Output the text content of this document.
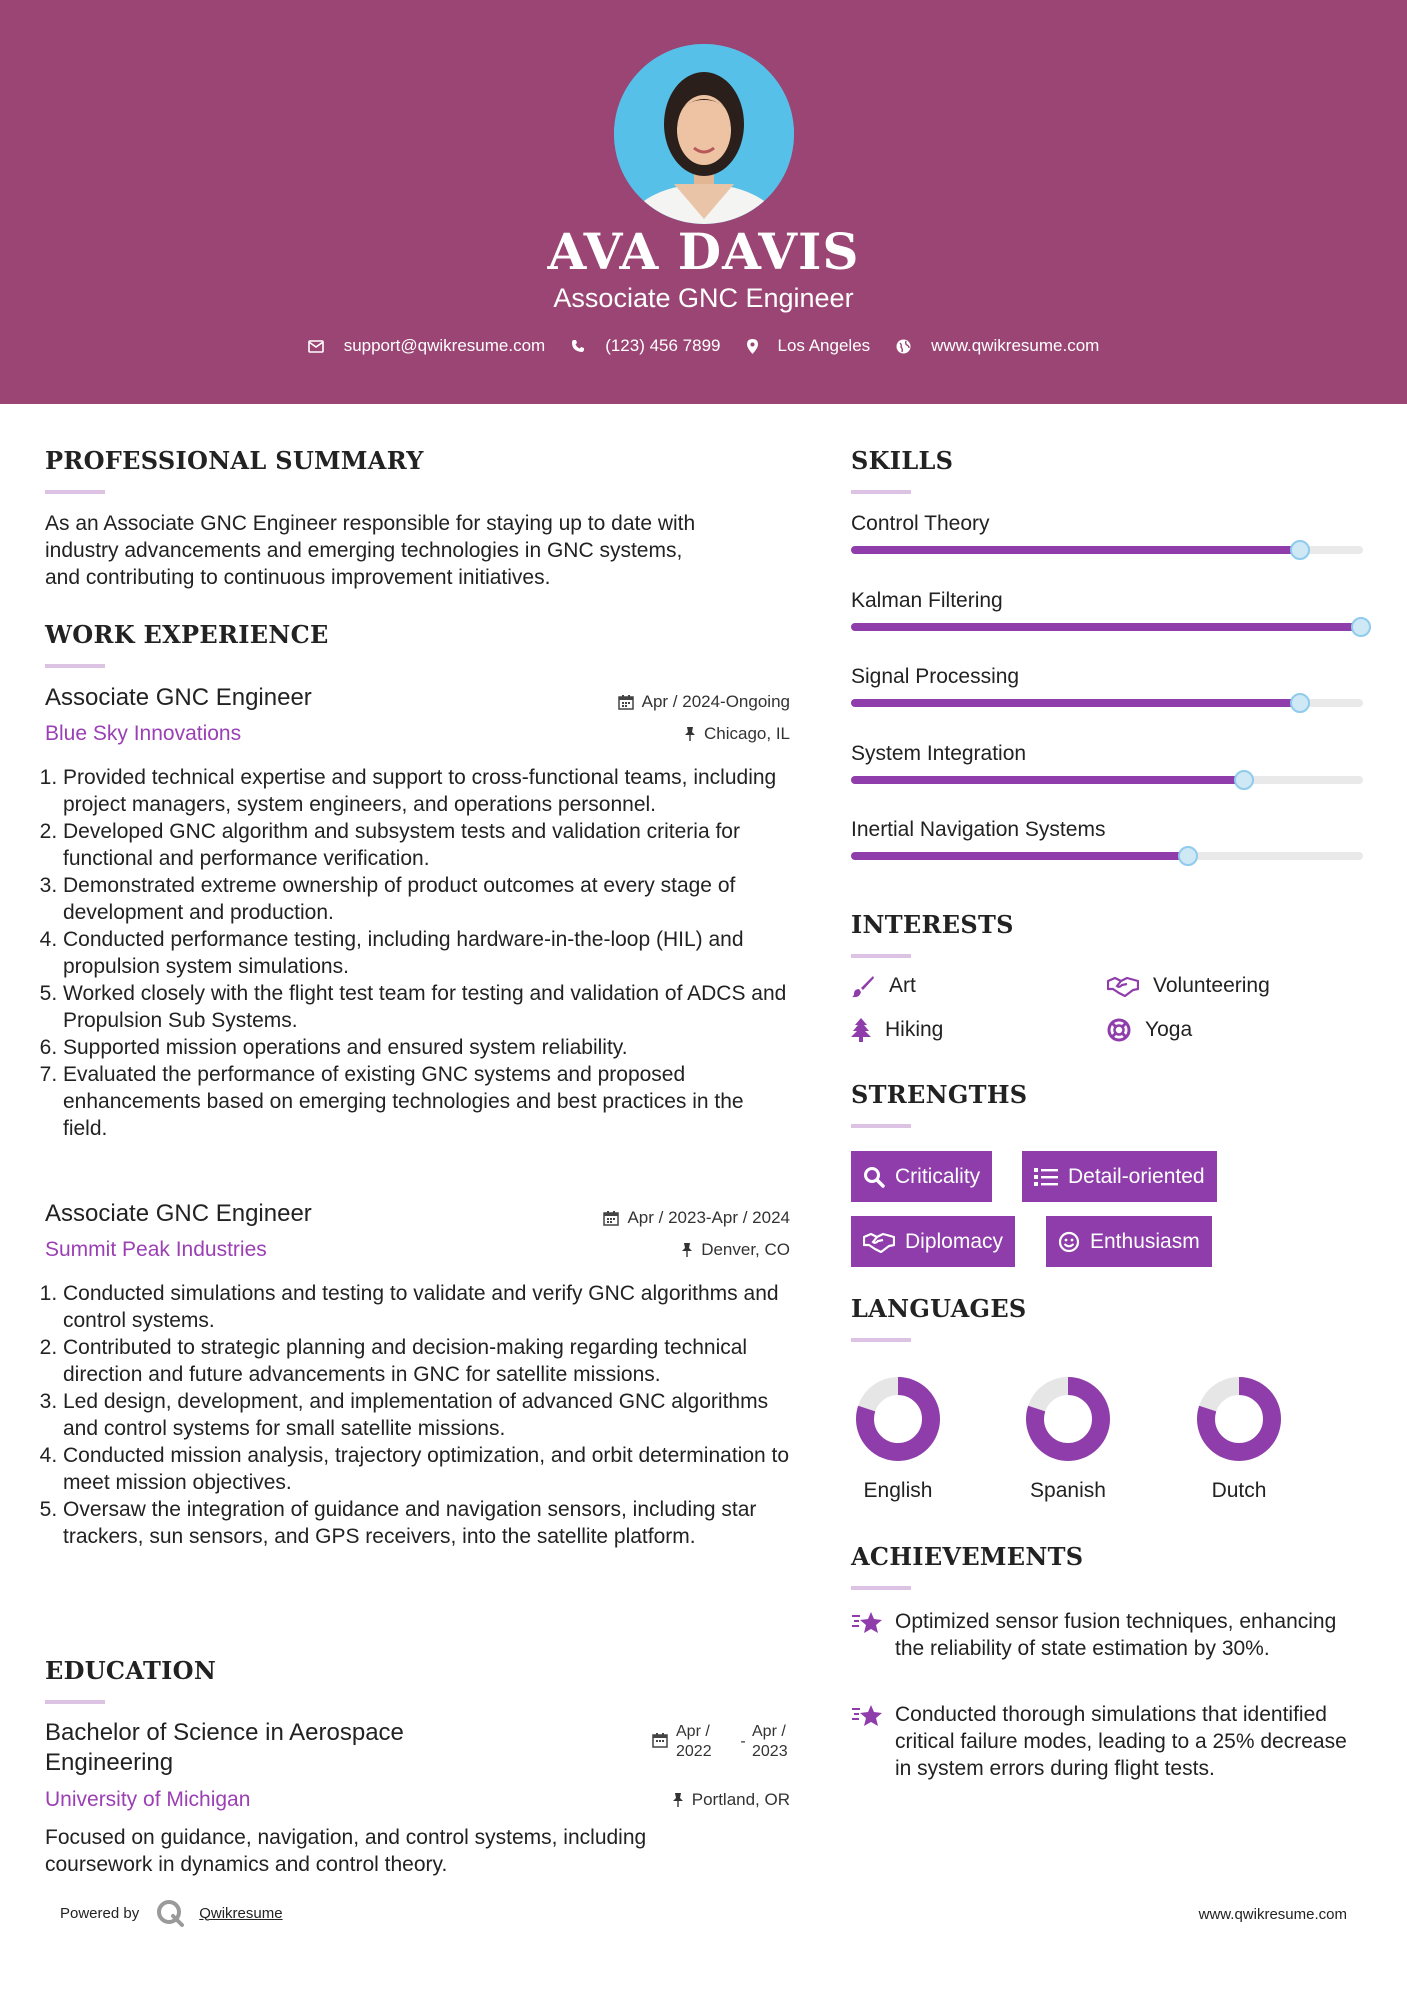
AVA DAVIS
Associate GNC Engineer
support@qwikresume.com	(123) 456 7899	Los Angeles	www.qwikresume.com
PROFESSIONAL SUMMARY
As an Associate GNC Engineer responsible for staying up to date with
industry advancements and emerging technologies in GNC systems,
and contributing to continuous improvement initiatives.
WORK EXPERIENCE
Associate GNC Engineer	Apr / 2024-Ongoing
Blue Sky Innovations	Chicago, IL
1. Provided technical expertise and support to cross-functional teams, including project managers, system engineers, and operations personnel.
2. Developed GNC algorithm and subsystem tests and validation criteria for functional and performance verification.
3. Demonstrated extreme ownership of product outcomes at every stage of development and production.
4. Conducted performance testing, including hardware-in-the-loop (HIL) and propulsion system simulations.
5. Worked closely with the flight test team for testing and validation of ADCS and Propulsion Sub Systems.
6. Supported mission operations and ensured system reliability.
7. Evaluated the performance of existing GNC systems and proposed enhancements based on emerging technologies and best practices in the field.
Associate GNC Engineer	Apr / 2023-Apr / 2024
Summit Peak Industries	Denver, CO
1. Conducted simulations and testing to validate and verify GNC algorithms and control systems.
2. Contributed to strategic planning and decision-making regarding technical direction and future advancements in GNC for satellite missions.
3. Led design, development, and implementation of advanced GNC algorithms and control systems for small satellite missions.
4. Conducted mission analysis, trajectory optimization, and orbit determination to meet mission objectives.
5. Oversaw the integration of guidance and navigation sensors, including star trackers, sun sensors, and GPS receivers, into the satellite platform.
EDUCATION
Bachelor of Science in Aerospace
Engineering
Apr /
2022
-
Apr /
2023
University of Michigan	Portland, OR
Focused on guidance, navigation, and control systems, including
coursework in dynamics and control theory.
SKILLS
Control Theory
Kalman Filtering
Signal Processing
System Integration
Inertial Navigation Systems
INTERESTS
Art	Volunteering
Hiking	Yoga
STRENGTHS
Criticality	Detail-oriented
Diplomacy	Enthusiasm
LANGUAGES
English	Spanish	Dutch
ACHIEVEMENTS
Optimized sensor fusion techniques, enhancing the reliability of state estimation by 30%.
Conducted thorough simulations that identified critical failure modes, leading to a 25% decrease in system errors during flight tests.
Powered by	Qwikresume	www.qwikresume.com
